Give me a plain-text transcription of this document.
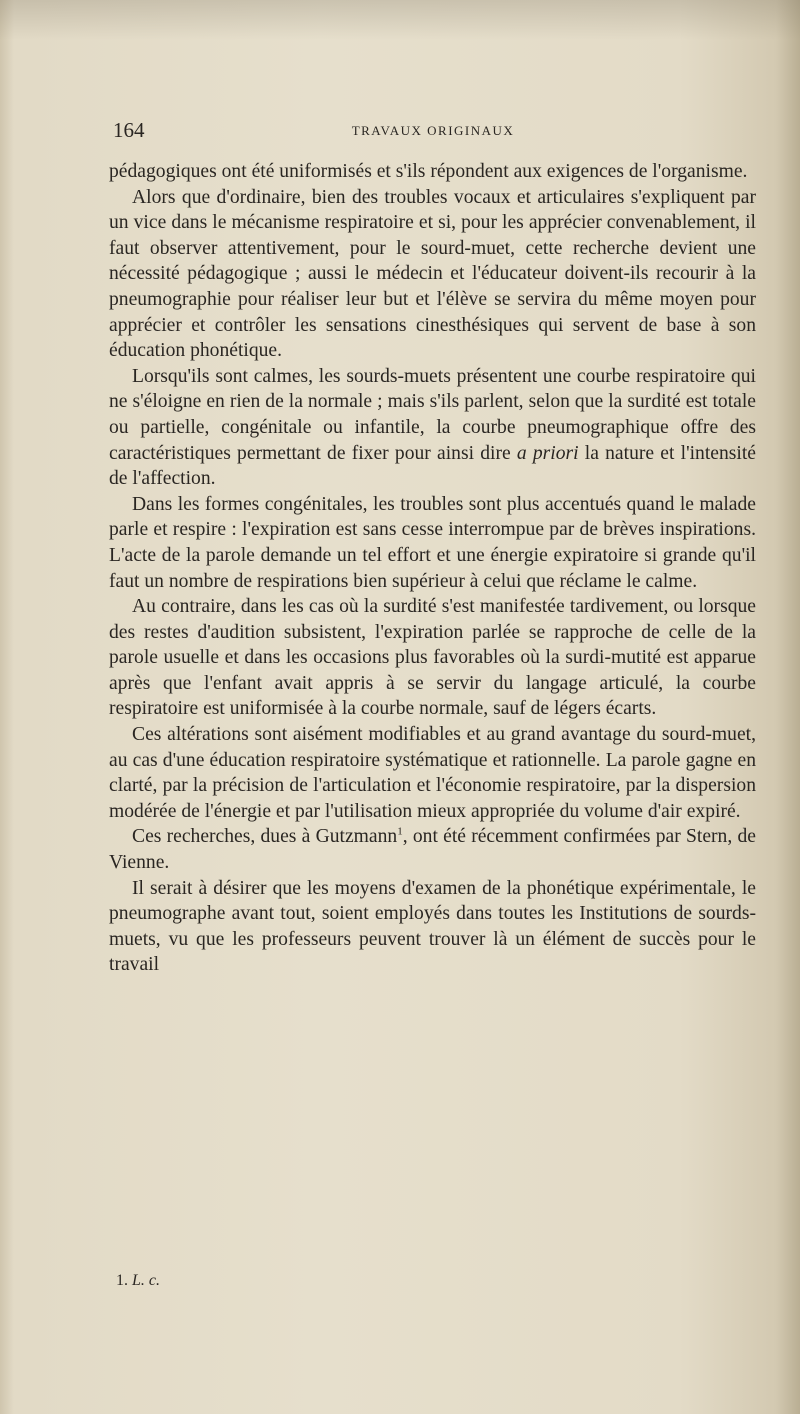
164	TRAVAUX ORIGINAUX

pédagogiques ont été uniformisés et s'ils répondent aux exigences de l'organisme.

Alors que d'ordinaire, bien des troubles vocaux et articulaires s'expliquent par un vice dans le mécanisme respiratoire et si, pour les apprécier convenablement, il faut observer attentivement, pour le sourd-muet, cette recherche devient une nécessité pédagogique ; aussi le médecin et l'éducateur doivent-ils recourir à la pneumographie pour réaliser leur but et l'élève se servira du même moyen pour apprécier et contrôler les sensations cinesthésiques qui servent de base à son éducation phonétique.

Lorsqu'ils sont calmes, les sourds-muets présentent une courbe respiratoire qui ne s'éloigne en rien de la normale ; mais s'ils parlent, selon que la surdité est totale ou partielle, congénitale ou infantile, la courbe pneumographique offre des caractéristiques permettant de fixer pour ainsi dire a priori la nature et l'intensité de l'affection.

Dans les formes congénitales, les troubles sont plus accentués quand le malade parle et respire : l'expiration est sans cesse interrompue par de brèves inspirations. L'acte de la parole demande un tel effort et une énergie expiratoire si grande qu'il faut un nombre de respirations bien supérieur à celui que réclame le calme.

Au contraire, dans les cas où la surdité s'est manifestée tardivement, ou lorsque des restes d'audition subsistent, l'expiration parlée se rapproche de celle de la parole usuelle et dans les occasions plus favorables où la surdi-mutité est apparue après que l'enfant avait appris à se servir du langage articulé, la courbe respiratoire est uniformisée à la courbe normale, sauf de légers écarts.

Ces altérations sont aisément modifiables et au grand avantage du sourd-muet, au cas d'une éducation respiratoire systématique et rationnelle. La parole gagne en clarté, par la précision de l'articulation et l'économie respiratoire, par la dispersion modérée de l'énergie et par l'utilisation mieux appropriée du volume d'air expiré.

Ces recherches, dues à Gutzmann$^1$, ont été récemment confirmées par Stern, de Vienne.

Il serait à désirer que les moyens d'examen de la phonétique expérimentale, le pneumographe avant tout, soient employés dans toutes les Institutions de sourds-muets, vu que les professeurs peuvent trouver là un élément de succès pour le travail

1. L. c.
